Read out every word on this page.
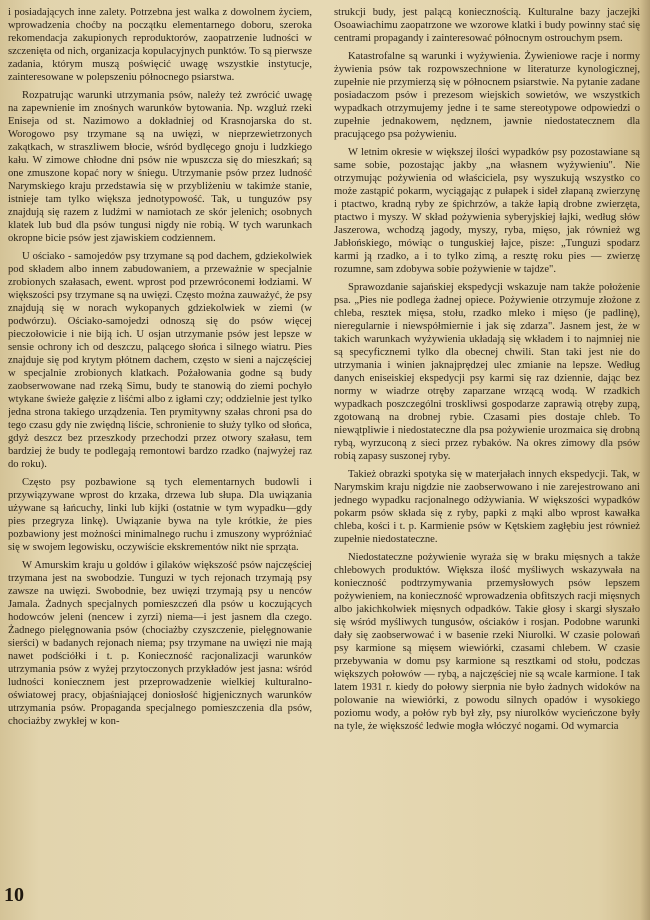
i posiadających inne zalety. Potrzebna jest walka z dowolnem życiem, wprowadzenia choćby na początku elementarnego doboru, szeroka rekomendacja zakupionych reproduktorów, zaopatrzenie ludności w szczenięta od nich, organizacja kopulacyjnych punktów. To są pierwsze zadania, którym muszą poświęcić uwagę wszystkie instytucje, zainteresowane w polepszeniu północnego psiarstwa.

Rozpatrując warunki utrzymania psów, należy też zwrócić uwagę na zapewnienie im znośnych warunków bytowania. Np. wzgluż rzeki Eniseja od st. Nazimowo a dokładniej od Krasnojarska do st. Worogowo psy trzymane są na uwięzi, w nieprzewietrzonych zakątkach, w straszliwem błocie, wśród bydlęcego gnoju i ludzkiego kału. W zimowe chłodne dni psów nie wpuszcza się do mieszkań; są one zmuszone kopać nory w śniegu. Utrzymanie psów przez ludność Narymskiego kraju przedstawia się w przybliżeniu w takimże stanie, istnieje tam tylko większa jednotypowość. Tak, u tunguzów psy znajdują się razem z ludźmi w namiotach ze skór jelenich; osobnych klatek lub bud dla psów tungusi nigdy nie robią. W tych warunkach okropne bicie psów jest zjawiskiem codziennem.

U ościako - samojedów psy trzymane są pod dachem, gdziekolwiek pod składem albo innem zabudowaniem, a przeważnie w specjalnie zrobionych szałasach, ewent. wprost pod przewróconemi łodziami. W większości psy trzymane są na uwięzi. Często można zauważyć, że psy znajdują się w norach wykopanych gdziekolwiek w ziemi (w podwórzu). Ościako-samojedzi odnoszą się do psów więcej pieczołowicie i nie biją ich. U osjan utrzymanie psów jest lepsze w sensie ochrony ich od deszczu, palącego słońca i silnego wiatru. Pies znajduje się pod krytym płótnem dachem, często w sieni a najczęściej w specjalnie zrobionych klatkach. Pożałowania godne są budy zaobserwowane nad rzeką Simu, budy te stanowią do ziemi pochyło wtykane świeże gałęzie z liśćmi albo z igłami czy; oddzielnie jest tylko jedna strona takiego urządzenia. Ten prymitywny szałas chroni psa do tego czasu gdy nie zwiędną liście, schronienie to służy tylko od słońca, gdyż deszcz bez przeszkody przechodzi przez otwory szałasu, tem bardziej że budy te podlegają remontowi bardzo rzadko (najwyżej raz do roku).

Często psy pozbawione są tych elementarnych budowli i przywiązywane wprost do krzaka, drzewa lub słupa. Dla uwiązania używane są łańcuchy, linki lub kijki (ostatnie w tym wypadku—gdy pies przegryza linkę). Uwiązanie bywa na tyle krótkie, że pies pozbawiony jest możności minimalnego ruchu i zmuszony wypróżniać się w swojem legowisku, oczywiście ekskrementów nikt nie sprząta.

W Amurskim kraju u goldów i gilaków większość psów najczęściej trzymana jest na swobodzie. Tunguzi w tych rejonach trzymają psy zawsze na uwięzi. Swobodnie, bez uwięzi trzymają psy u nenców Jamala. Żadnych specjalnych pomieszczeń dla psów u koczujących hodowców jeleni (nencew i zyrzi) niema—i jest jasnem dla czego. Żadnego pielęgnowania psów (chociażby czyszczenie, pielęgnowanie sierści) w badanych rejonach niema; psy trzymane na uwięzi nie mają nawet podściółki i t. p. Konieczność racjonalizacji warunków utrzymania psów z wyżej przytoczonych przykładów jest jasna: wśród ludności koniecznem jest przeprowadzenie wielkiej kulturalno-oświatowej pracy, objaśniającej doniosłość higjenicznych warunków utrzymania psów. Propaganda specjalnego pomieszczenia dla psów, chociażby zwykłej w kon-

strukcji budy, jest palącą koniecznością. Kulturalne bazy jaczejki Osoawiachimu zaopatrzone we wzorowe klatki i budy powinny stać się centrami propagandy i zainteresować północnym ostrouchym psem.

Katastrofalne są warunki i wyżywienia. Żywieniowe racje i normy żywienia psów tak rozpowszechnione w literaturze kynologicznej, zupełnie nie przymierzą się w północnem psiarstwie. Na pytanie zadane posiadaczom psów i prezesom wiejskich sowietów, we wszystkich wypadkach otrzymujemy jedne i te same stereotypowe odpowiedzi o zupełnie jednakowem, nędznem, jawnie niedostatecznem dla pracującego psa pożywieniu.

W letnim okresie w większej ilości wypadków psy pozostawiane są same sobie, pozostając jakby „na własnem wyżywieniu". Nie otrzymując pożywienia od właściciela, psy wyszukują wszystko co może zastąpić pokarm, wyciągając z pułapek i sideł złapaną zwierzynę i ptactwo, kradną ryby ze śpichrzów, a także łapią drobne zwierzęta, ptactwo i myszy. W skład pożywienia syberyjskiej łajki, według słów Jaszerowa, wchodzą jagody, myszy, ryba, mięso, jak również wg Jabłońskiego, mówiąc o tunguskiej łajce, pisze: „Tunguzi spodarz karmi ją rzadko, a i to tylko zimą, a resztę roku pies — zwierzę rozumne, sam zdobywa sobie pożywienie w tajdze".

Sprawozdanie sajańskiej ekspedycji wskazuje nam także położenie psa. „Pies nie podlega żadnej opiece. Pożywienie otrzymuje złożone z chleba, resztek mięsa, stołu, rzadko mleko i mięso (je padlinę), nieregularnie i niewspółmiernie i jak się zdarza". Jasnem jest, że w takich warunkach wyżywienia układają się wkładem i to najmniej nie są specyficznemi tylko dla obecnej chwili. Stan taki jest nie do utrzymania i winien jaknajprędzej ulec zmianie na lepsze. Według danych eniseiskiej ekspedycji psy karmi się raz dziennie, dając bez normy w wiadrze otręby zaparzane wrzącą wodą. W rzadkich wypadkach poszczególni troskliwsi gospodarze zaprawią otręby zupą, zgotowaną na drobnej rybie. Czasami pies dostaje chleb. To niewątpliwie i niedostateczne dla psa pożywienie urozmaica się drobną rybą, wyrzuconą z sieci przez rybaków. Na okres zimowy dla psów robią zapasy suszonej ryby.

Takież obrazki spotyka się w materjałach innych ekspedycji. Tak, w Narymskim kraju nigdzie nie zaobserwowano i nie zarejestrowano ani jednego wypadku racjonalnego odżywiania. W większości wypadków pokarm psów składa się z ryby, papki z mąki albo wprost kawałka chleba, kości i t. p. Karmienie psów w Kętskiem zagłębiu jest również zupełnie niedostateczne.

Niedostateczne pożywienie wyraża się w braku mięsnych a także chlebowych produktów. Większa ilość myśliwych wskazywała na konieczność podtrzymywania przemysłowych psów lepszem pożywieniem, na konieczność wprowadzenia obfitszych racji mięsnych albo jakichkolwiek mięsnych odpadków. Takie głosy i skargi słyszało się wśród myśliwych tungusów, ościaków i rosjan. Podobne warunki dały się zaobserwować i w basenie rzeki Niurolki. W czasie polowań psy karmione są mięsem wiewiórki, czasami chlebem. W czasie przebywania w domu psy karmione są resztkami od stołu, podczas większych połowów — rybą, a najczęściej nie są wcale karmione. I tak latem 1931 r. kiedy do połowy sierpnia nie było żadnych widoków na polowanie na wiewiórki, z powodu silnych opadów i wysokiego poziomu wody, a połów ryb był zły, psy niurolków wycieńczone były na tyle, że większość ledwie mogła włóczyć nogami. Od wymarcia

10
